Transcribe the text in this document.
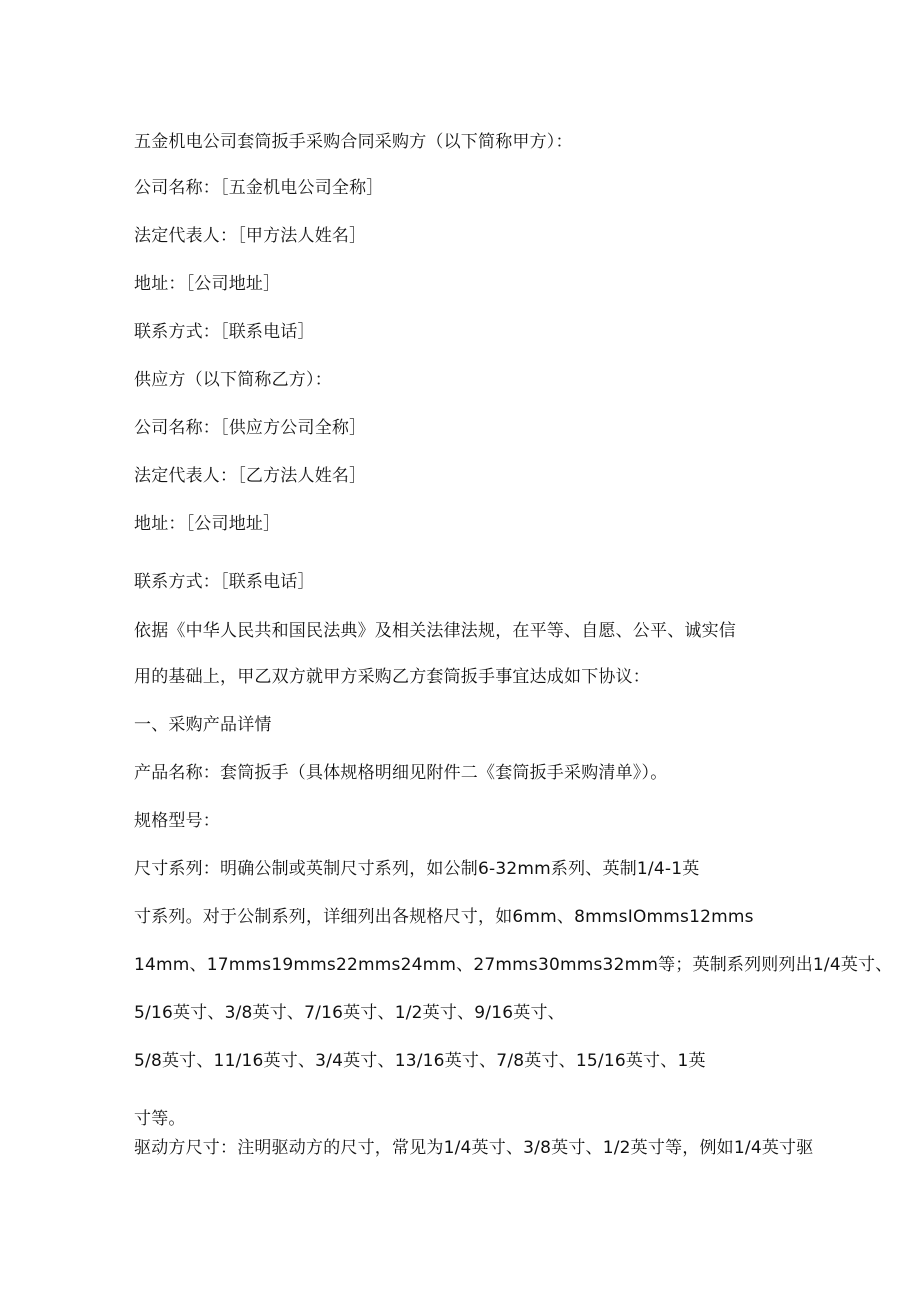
五金机电公司套筒扳手采购合同采购方（以下简称甲方）：
公司名称：［五金机电公司全称］
法定代表人：［甲方法人姓名］
地址：［公司地址］
联系方式：［联系电话］
供应方（以下简称乙方）：
公司名称：［供应方公司全称］
法定代表人：［乙方法人姓名］
地址：［公司地址］
联系方式：［联系电话］
依据《中华人民共和国民法典》及相关法律法规，在平等、自愿、公平、诚实信
用的基础上，甲乙双方就甲方采购乙方套筒扳手事宜达成如下协议：
一、采购产品详情
产品名称：套筒扳手（具体规格明细见附件二《套筒扳手采购清单》）。
规格型号：
尺寸系列：明确公制或英制尺寸系列，如公制6-32mm系列、英制1/4-1英
寸系列。对于公制系列，详细列出各规格尺寸，如6mm、8mmsIOmms12mms
14mm、17mms19mms22mms24mm、27mms30mms32mm等；英制系列则列出1/4英寸、
5/16英寸、3/8英寸、7/16英寸、1/2英寸、9/16英寸、
5/8英寸、11/16英寸、3/4英寸、13/16英寸、7/8英寸、15/16英寸、1英
寸等。
驱动方尺寸：注明驱动方的尺寸，常见为1/4英寸、3/8英寸、1/2英寸等，例如1/4英寸驱
